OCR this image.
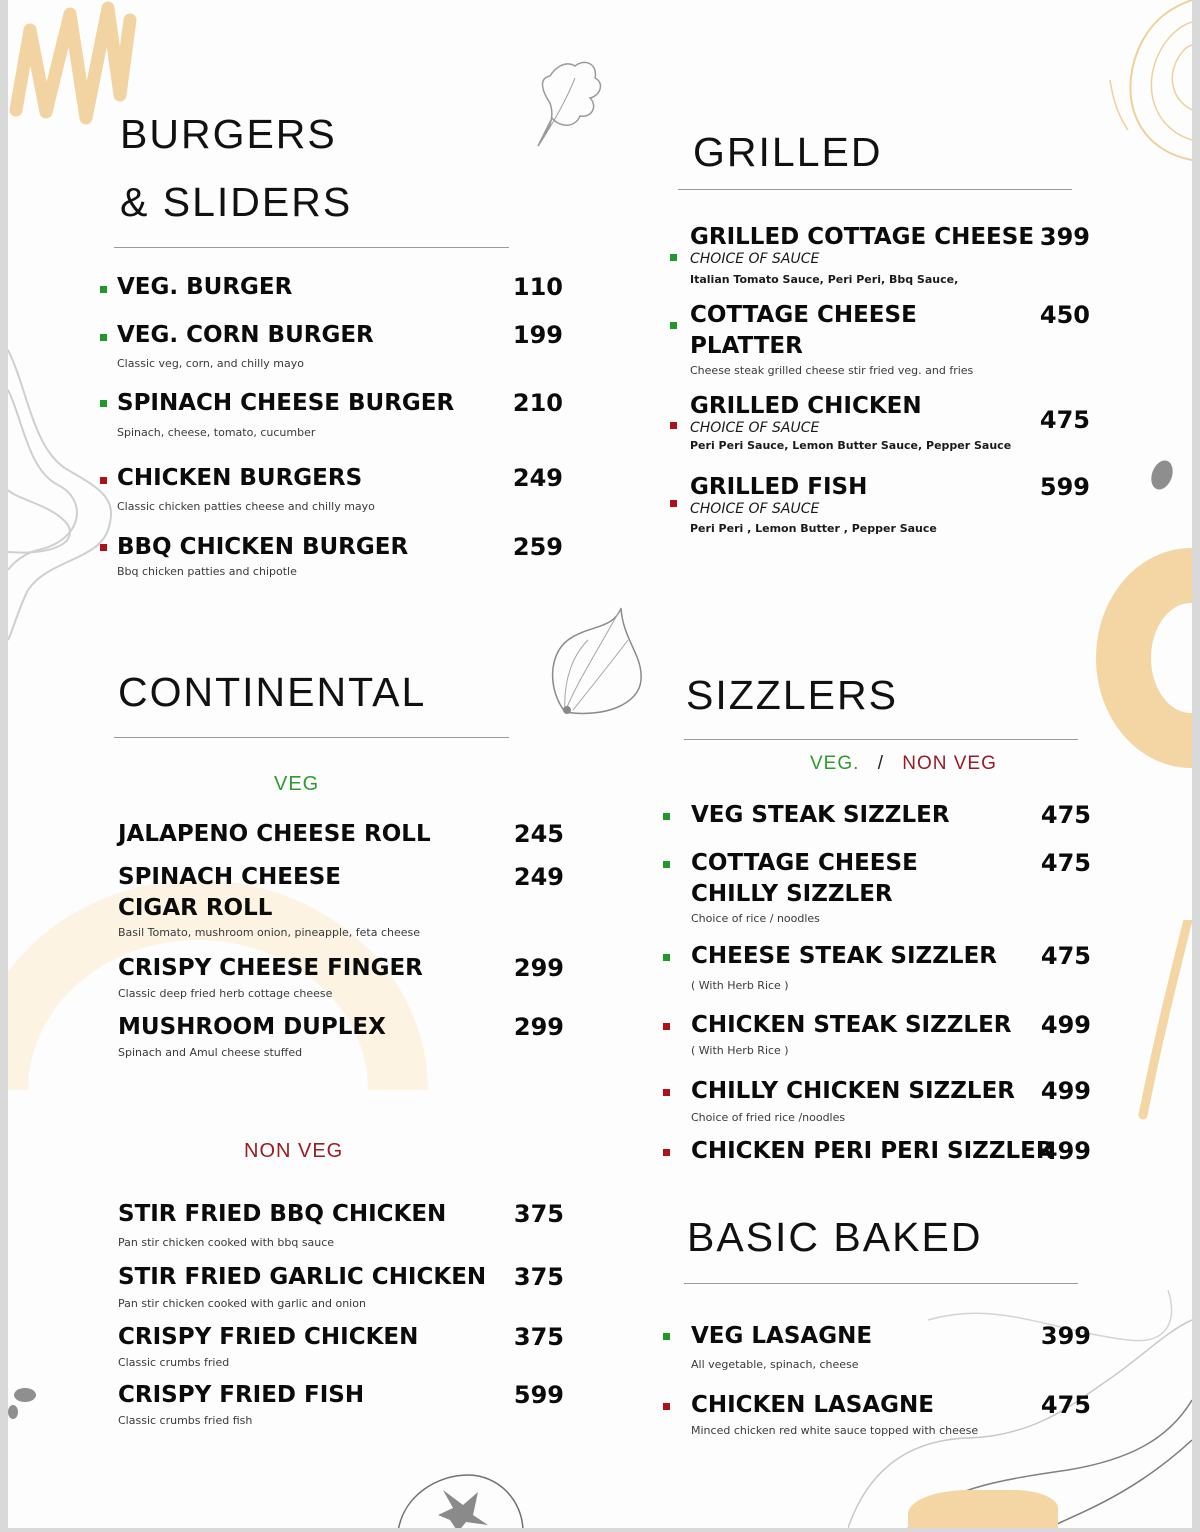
BURGERS
& SLIDERS
VEG. BURGER	110
VEG. CORN BURGER	199
Classic veg, corn, and chilly mayo
SPINACH CHEESE BURGER 210
Spinach, cheese, tomato, cucumber
CHICKEN BURGERS	249
Classic chicken patties cheese and chilly mayo
BBQ CHICKEN BURGER	259
Bbq chicken patties and chipotle
GRILLED
GRILLED COTTAGE CHEESE 399
CHOICE OF SAUCE
Italian Tomato Sauce, Peri Peri, Bbq Sauce,
COTTAGE CHEESE
PLATTER
450
Cheese steak grilled cheese stir fried veg. and fries
GRILLED CHICKEN	475
CHOICE OF SAUCE
Peri Peri Sauce, Lemon Butter Sauce, Pepper Sauce
GRILLED FISH	599
CHOICE OF SAUCE
Peri Peri , Lemon Butter , Pepper Sauce
CONTINENTAL
VEG
JALAPENO CHEESE ROLL	245
SPINACH CHEESE
CIGAR ROLL
249
Basil Tomato, mushroom onion, pineapple, feta cheese
CRISPY CHEESE FINGER	299
Classic deep fried herb cottage cheese
MUSHROOM DUPLEX	299
Spinach and Amul cheese stuffed
NON VEG
STIR FRIED BBQ CHICKEN	375
Pan stir chicken cooked with bbq sauce
STIR FRIED GARLIC CHICKEN 375
Pan stir chicken cooked with garlic and onion
CRISPY FRIED CHICKEN	375
Classic crumbs fried
CRISPY FRIED FISH	599
Classic crumbs fried fish
SIZZLERS
VEG. / NON VEG
VEG STEAK SIZZLER	475
COTTAGE CHEESE
CHILLY SIZZLER
475
Choice of rice / noodles
CHEESE STEAK SIZZLER 475
( With Herb Rice )
CHICKEN STEAK SIZZLER 499
( With Herb Rice )
CHILLY CHICKEN SIZZLER 499
Choice of fried rice /noodles
CHICKEN PERI PERI SIZZLER
499
BASIC BAKED
VEG LASAGNE	399
All vegetable, spinach, cheese
CHICKEN LASAGNE	475
Minced chicken red white sauce topped with cheese
